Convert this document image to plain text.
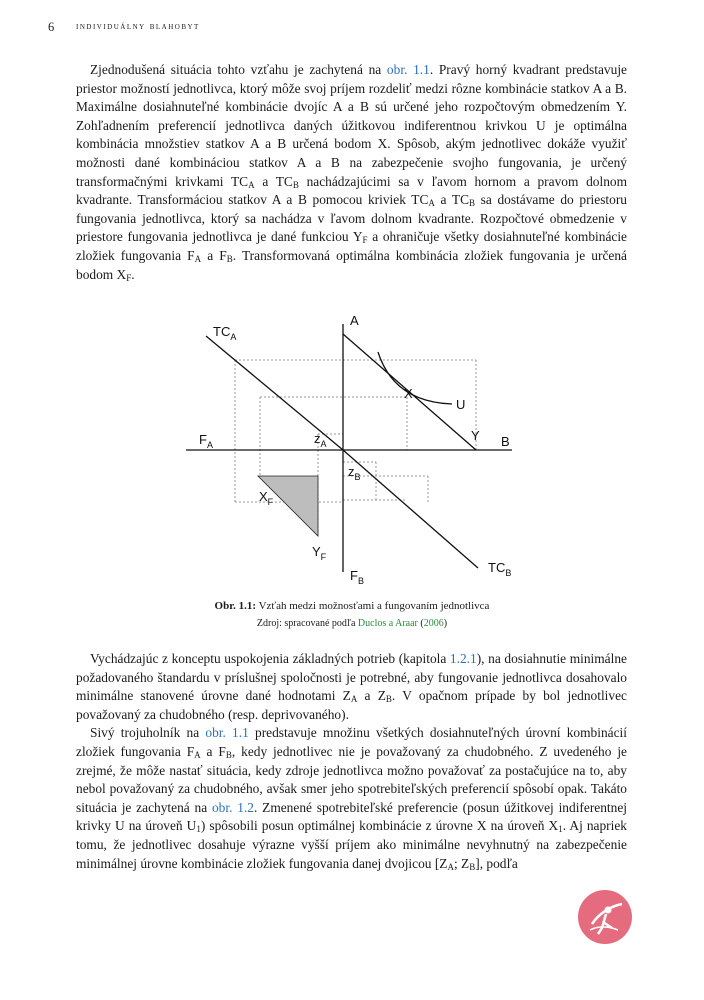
6 individuálny blahobyt
Zjednodušená situácia tohto vzťahu je zachytená na obr. 1.1. Pravý horný kvadrant predstavuje priestor možností jednotlivca, ktorý môže svoj príjem rozdeliť medzi rôzne kombinácie statkov A a B. Maximálne dosiahnuteľné kombinácie dvojíc A a B sú určené jeho rozpočtovým obmedzením Y. Zohľadnením preferencií jednotlivca daných úžitkovou indiferentnou krivkou U je optimálna kombinácia množstiev statkov A a B určená bodom X. Spôsob, akým jednotlivec dokáže využiť možnosti dané kombináciou statkov A a B na zabezpečenie svojho fungovania, je určený transformačnými krivkami $TC_A$ a $TC_B$ nachádzajúcimi sa v ľavom hornom a pravom dolnom kvadrante. Transformáciou statkov A a B pomocou kriviek $TC_A$ a $TC_B$ sa dostávame do priestoru fungovania jednotlivca, ktorý sa nachádza v ľavom dolnom kvadrante. Rozpočtové obmedzenie v priestore fungovania jednotlivca je dané funkciou $Y_F$ a ohraničuje všetky dosiahnuteľné kombinácie zložiek fungovania $F_A$ a $F_B$. Transformovaná optimálna kombinácia zložiek fungovania je určená bodom $X_F$.
A
B
$TC_A$
$TC_B$
$F_A$
$F_B$
X
U
Y
$z_A$
$z_B$
$X_F$
$Y_F$
Obr. 1.1: Vzťah medzi možnosťami a fungovaním jednotlivca
Zdroj: spracované podľa Duclos a Araar (2006)

Vychádzajúc z konceptu uspokojenia základných potrieb (kapitola 1.2.1), na dosiahnutie minimálne požadovaného štandardu v príslušnej spoločnosti je potrebné, aby fungovanie jednotlivca dosahovalo minimálne stanovené úrovne dané hodnotami $Z_A$ a $Z_B$. V opačnom prípade by bol jednotlivec považovaný za chudobného (resp. deprivovaného).

Sivý trojuholník na obr. 1.1 predstavuje množinu všetkých dosiahnuteľných úrovní kombinácií zložiek fungovania $F_A$ a $F_B$, kedy jednotlivec nie je považovaný za chudobného. Z uvedeného je zrejmé, že môže nastať situácia, kedy zdroje jednotlivca možno považovať za postačujúce na to, aby nebol považovaný za chudobného, avšak smer jeho spotrebiteľských preferencií spôsobí opak. Takáto situácia je zachytená na obr. 1.2. Zmenené spotrebiteľské preferencie (posun úžitkovej indiferentnej krivky U na úroveň $U_1$) spôsobili posun optimálnej kombinácie z úrovne X na úroveň $X_1$. Aj napriek tomu, že jednotlivec dosahuje výrazne vyšší príjem ako minimálne nevyhnutný na zabezpečenie minimálnej úrovne kombinácie zložiek fungovania danej dvojicou [$Z_A$; $Z_B$], podľa
